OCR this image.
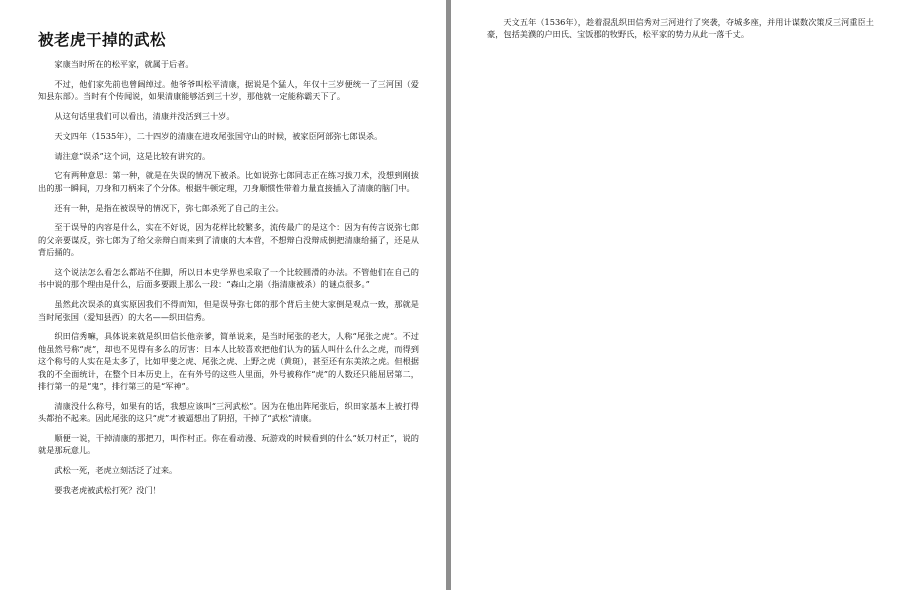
被老虎干掉的武松

家康当时所在的松平家，就属于后者。

不过，他们家先前也曾阔绰过。他爷爷叫松平清康，据说是个猛人，年仅十三岁便统一了三河国（爱知县东部）。当时有个传闻说，如果清康能够活到三十岁，那他就一定能称霸天下了。

从这句话里我们可以看出，清康并没活到三十岁。

天文四年（1535年），二十四岁的清康在进攻尾张国守山的时候，被家臣阿部弥七郎误杀。

请注意“误杀”这个词，这是比较有讲究的。

它有两种意思：第一种，就是在失误的情况下被杀。比如说弥七郎同志正在练习拔刀术，没想到刚拔出的那一瞬间，刀身和刀柄来了个分体。根据牛顿定理，刀身顺惯性带着力量直接插入了清康的脑门中。

还有一种，是指在被误导的情况下，弥七郎杀死了自己的主公。

至于误导的内容是什么，实在不好说，因为花样比较繁多，流传最广的是这个：因为有传言说弥七郎的父亲要谋反，弥七郎为了给父亲辩白而来到了清康的大本营，不想辩白没辩成倒把清康给捅了，还是从背后捅的。

这个说法怎么看怎么都站不住脚，所以日本史学界也采取了一个比较圆滑的办法。不管他们在自己的书中说的那个理由是什么，后面多要跟上那么一段：“森山之崩（指清康被杀）的谜点很多。”

虽然此次误杀的真实原因我们不得而知，但是误导弥七郎的那个背后主使大家倒是观点一致，那就是当时尾张国（爱知县西）的大名——织田信秀。

织田信秀嘛，具体说来就是织田信长他亲爹，简单说来，是当时尾张的老大，人称“尾张之虎”。不过他虽然号称“虎”，却也不见得有多么的厉害：日本人比较喜欢把他们认为的猛人叫什么什么之虎，而得到这个称号的人实在是太多了，比如甲斐之虎、尾张之虎、上野之虎（黄斑），甚至还有东美浓之虎。但根据我的不全面统计，在整个日本历史上，在有外号的这些人里面，外号被称作“虎”的人数还只能屈居第二，排行第一的是“鬼”，排行第三的是“军神”。

清康没什么称号，如果有的话，我想应该叫“三河武松”。因为在他出阵尾张后，织田家基本上被打得头都抬不起来。因此尾张的这只“虎”才被逼想出了阴招，干掉了“武松”清康。

顺便一说，干掉清康的那把刀，叫作村正。你在看动漫、玩游戏的时候看到的什么“妖刀村正”，说的就是那玩意儿。

武松一死，老虎立刻活泛了过来。

要我老虎被武松打死？没门！

天文五年（1536年），趁着混乱织田信秀对三河进行了突袭，夺城多座，并用计谋数次策反三河重臣土豪，包括美濮的户田氏、宝饭郡的牧野氏，松平家的势力从此一落千丈。
